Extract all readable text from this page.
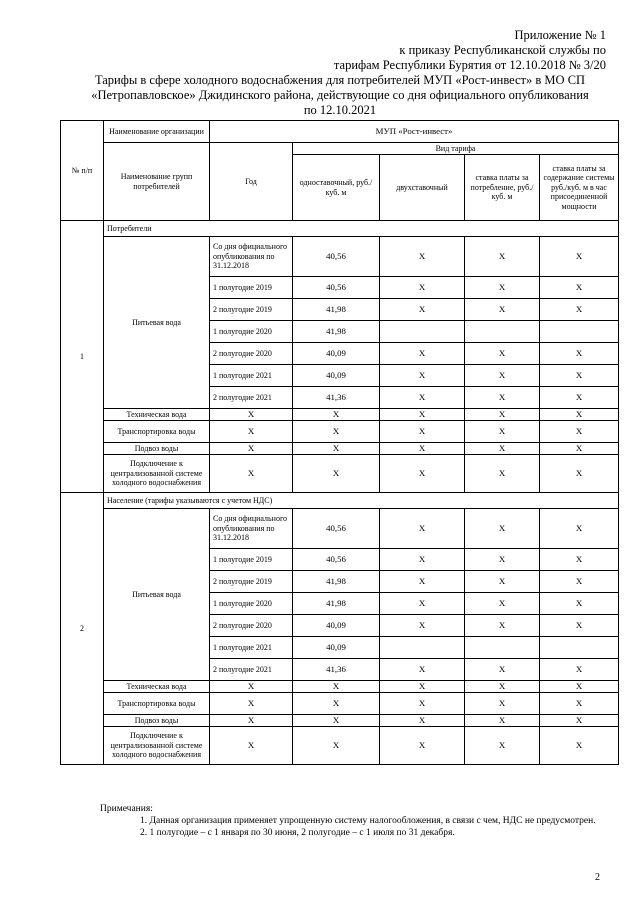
Приложение № 1
к приказу Республиканской службы по
тарифам Республики Бурятия от 12.10.2018 № 3/20
Тарифы в сфере холодного водоснабжения для потребителей МУП «Рост-инвест» в МО СП
«Петропавловское» Джидинского района, действующие со дня официального опубликования
по 12.10.2021
№ п/п	Наименование организации	МУП «Рост-инвест»				
	Наименование групп потребителей	Год	Вид тарифа			
			одноставочный, руб./ куб. м	двухставочный	ставка платы за потребление, руб./ куб. м	ставка платы за содержание системы руб./куб. м в час присоединенной мощности
1	Потребители					
	Питьевая вода	Со дня официального опубликования по 31.12.2018	40,56	X	X	X
		1 полугодие 2019	40,56	X	X	X
		2 полугодие 2019	41,98	X	X	X
		1 полугодие 2020	41,98			
		2 полугодие 2020	40,09	X	X	X
		1 полугодие 2021	40,09	X	X	X
		2 полугодие 2021	41,36	X	X	X
	Техническая вода	X	X	X	X	X
	Транспортировка воды	X	X	X	X	X
	Подвоз воды	X	X	X	X	X
	Подключение к централизованной системе холодного водоснабжения	X	X	X	X	X
2	Население (тарифы указываются с учетом НДС)					
	Питьевая вода	Со дня официального опубликования по 31.12.2018	40,56	X	X	X
		1 полугодие 2019	40,56	X	X	X
		2 полугодие 2019	41,98	X	X	X
		1 полугодие 2020	41,98	X	X	X
		2 полугодие 2020	40,09	X	X	X
		1 полугодие 2021	40,09			
		2 полугодие 2021	41,36	X	X	X
	Техническая вода	X	X	X	X	X
	Транспортировка воды	X	X	X	X	X
	Подвоз воды	X	X	X	X	X
	Подключение к централизованной системе холодного водоснабжения	X	X	X	X	X

Примечания:

1. Данная организация применяет упрощенную систему налогообложения, в связи с чем, НДС не предусмотрен.

2. 1 полугодие – с 1 января по 30 июня, 2 полугодие – с 1 июля по 31 декабря.

2
